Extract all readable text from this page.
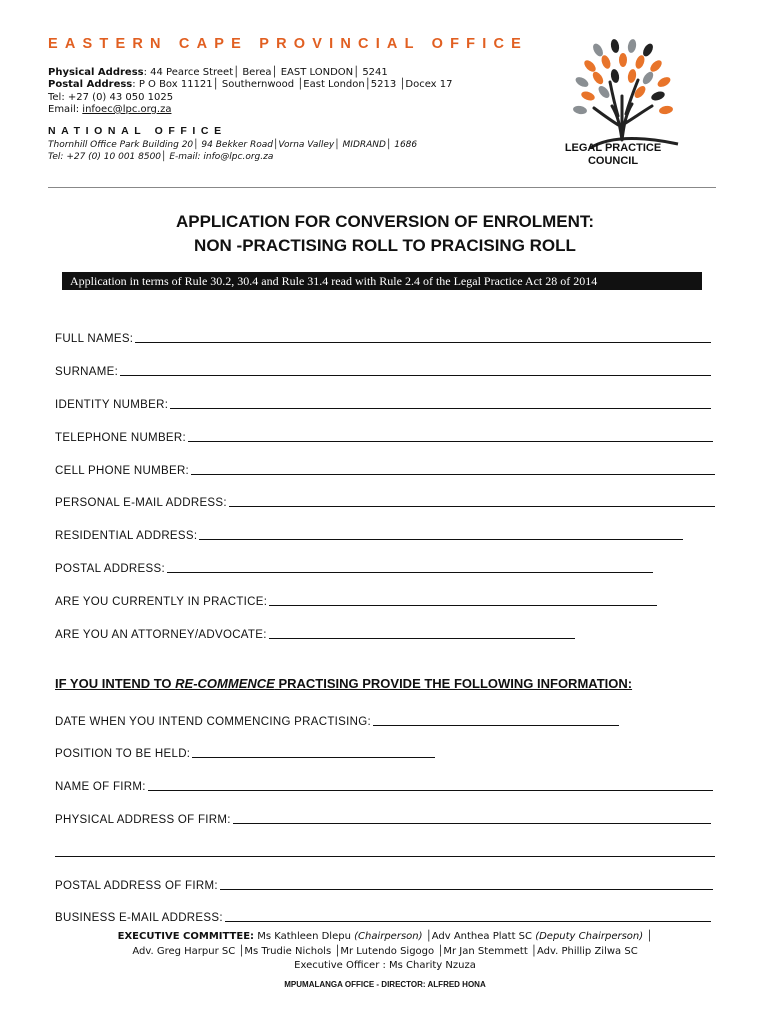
EASTERN CAPE PROVINCIAL OFFICE
Physical Address: 44 Pearce Street│ Berea│ EAST LONDON│ 5241
Postal Address: P O Box 11121│ Southernwood │East London│5213 │Docex 17
Tel: +27 (0) 43 050 1025
Email: infoec@lpc.org.za
NATIONAL OFFICE
Thornhill Office Park Building 20│ 94 Bekker Road│Vorna Valley│ MIDRAND│ 1686
Tel: +27 (0) 10 001 8500│ E-mail: info@lpc.org.za
LEGAL PRACTICE
COUNCIL
APPLICATION FOR CONVERSION OF ENROLMENT:
NON -PRACTISING ROLL TO PRACISING ROLL
Application in terms of Rule 30.2, 30.4 and Rule 31.4 read with Rule 2.4 of the Legal Practice Act 28 of 2014
FULL NAMES:
SURNAME:
IDENTITY NUMBER:
TELEPHONE NUMBER:
CELL PHONE NUMBER:
PERSONAL E-MAIL ADDRESS:
RESIDENTIAL ADDRESS:
POSTAL ADDRESS:
ARE YOU CURRENTLY IN PRACTICE:
ARE YOU AN ATTORNEY/ADVOCATE:
IF YOU INTEND TO RE-COMMENCE PRACTISING PROVIDE THE FOLLOWING INFORMATION:
DATE WHEN YOU INTEND COMMENCING PRACTISING:
POSITION TO BE HELD:
NAME OF FIRM:
PHYSICAL ADDRESS OF FIRM:
POSTAL ADDRESS OF FIRM:
BUSINESS E-MAIL ADDRESS:
EXECUTIVE COMMITTEE: Ms Kathleen Dlepu (Chairperson) │Adv Anthea Platt SC (Deputy Chairperson) │
Adv. Greg Harpur SC │Ms Trudie Nichols │Mr Lutendo Sigogo │Mr Jan Stemmett │Adv. Phillip Zilwa SC
Executive Officer : Ms Charity Nzuza
MPUMALANGA OFFICE - DIRECTOR: ALFRED HONA
